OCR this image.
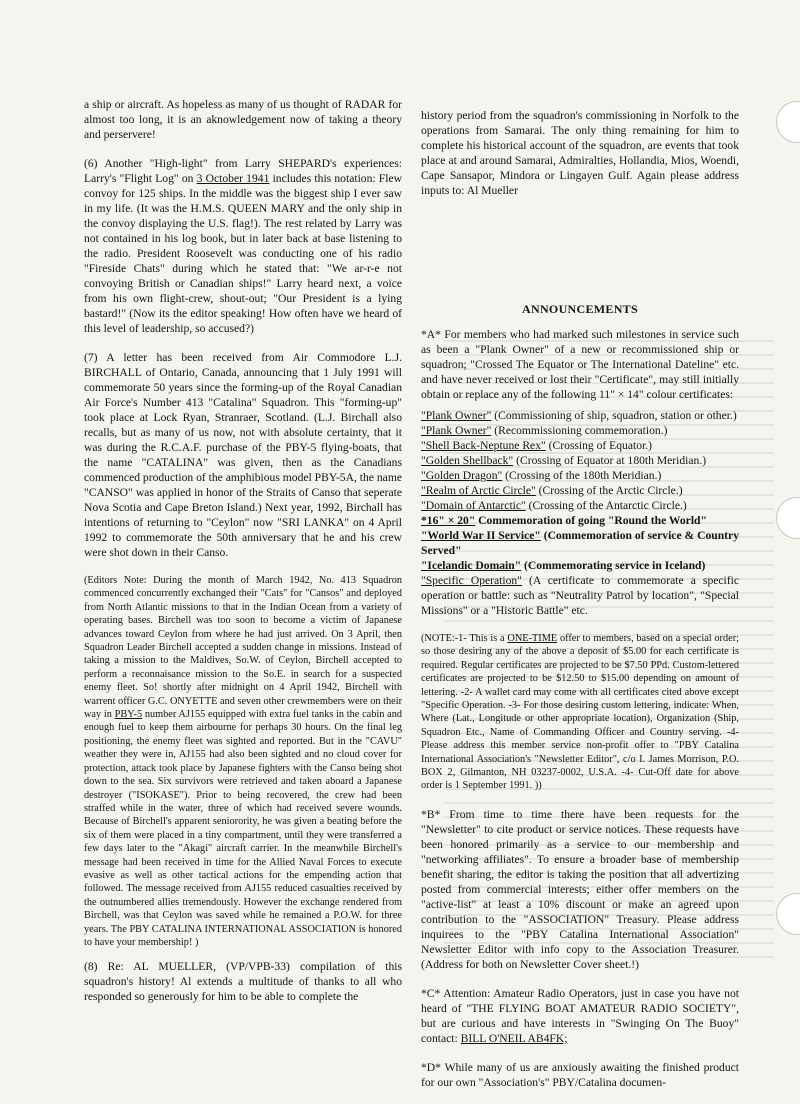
a ship or aircraft. As hopeless as many of us thought of RADAR for almost too long, it is an aknowledgement now of taking a theory and perservere!

(6) Another "High-light" from Larry SHEPARD's experiences: Larry's "Flight Log" on 3 October 1941 includes this notation: Flew convoy for 125 ships. In the middle was the biggest ship I ever saw in my life. (It was the H.M.S. QUEEN MARY and the only ship in the convoy displaying the U.S. flag!). The rest related by Larry was not contained in his log book, but in later back at base listening to the radio. President Roosevelt was conducting one of his radio "Fireside Chats" during which he stated that: "We ar-r-e not convoying British or Canadian ships!" Larry heard next, a voice from his own flight-crew, shout-out; "Our President is a lying bastard!" (Now its the editor speaking! How often have we heard of this level of leadership, so accused?)

(7) A letter has been received from Air Commodore L.J. BIRCHALL of Ontario, Canada, announcing that 1 July 1991 will commemorate 50 years since the forming-up of the Royal Canadian Air Force's Number 413 "Catalina" Squadron. This "forming-up" took place at Lock Ryan, Stranraer, Scotland. (L.J. Birchall also recalls, but as many of us now, not with absolute certainty, that it was during the R.C.A.F. purchase of the PBY-5 flying-boats, that the name "CATALINA" was given, then as the Canadians commenced production of the amphibious model PBY-5A, the name "CANSO" was applied in honor of the Straits of Canso that seperate Nova Scotia and Cape Breton Island.) Next year, 1992, Birchall has intentions of returning to "Ceylon" now "SRI LANKA" on 4 April 1992 to commemorate the 50th anniversary that he and his crew were shot down in their Canso.

(Editors Note: During the month of March 1942, No. 413 Squadron commenced concurrently exchanged their "Cats" for "Cansos" and deployed from North Atlantic missions to that in the Indian Ocean from a variety of operating bases. Birchell was too soon to become a victim of Japanese advances toward Ceylon from where he had just arrived. On 3 April, then Squadron Leader Birchell accepted a sudden change in missions. Instead of taking a mission to the Maldives, So.W. of Ceylon, Birchell accepted to perform a reconnaisance mission to the So.E. in search for a suspected enemy fleet. So! shortly after midnight on 4 April 1942, Birchell with warrent officer G.C. ONYETTE and seven other crewmembers were on their way in PBY-5 number AJ155 equipped with extra fuel tanks in the cabin and enough fuel to keep them airbourne for perhaps 30 hours. On the final leg positioning, the enemy fleet was sighted and reported. But in the "CAVU" weather they were in, AJ155 had also been sighted and no cloud cover for protection, attack took place by Japanese fighters with the Canso being shot down to the sea. Six survivors were retrieved and taken aboard a Japanese destroyer ("ISOKASE"). Prior to being recovered, the crew had been straffed while in the water, three of which had received severe wounds. Because of Birchell's apparent seniorority, he was given a beating before the six of them were placed in a tiny compartment, until they were transferred a few days later to the "Akagi" aircraft carrier. In the meanwhile Birchell's message had been received in time for the Allied Naval Forces to execute evasive as well as other tactical actions for the empending action that followed. The message received from AJ155 reduced casualties received by the outnumbered allies tremendously. However the exchange rendered from Birchell, was that Ceylon was saved while he remained a P.O.W. for three years. The PBY CATALINA INTERNATIONAL ASSOCIATION is honored to have your membership! )

(8) Re: AL MUELLER, (VP/VPB-33) compilation of this squadron's history! Al extends a multitude of thanks to all who responded so generously for him to be able to complete the

history period from the squadron's commissioning in Norfolk to the operations from Samarai. The only thing remaining for him to complete his historical account of the squadron, are events that took place at and around Samarai, Admiralties, Hollandia, Mios, Woendi, Cape Sansapor, Mindora or Lingayen Gulf. Again please address inputs to: Al Mueller

ANNOUNCEMENTS

*A* For members who had marked such milestones in service such as been a "Plank Owner" of a new or recommissioned ship or squadron; "Crossed The Equator or The International Dateline" etc. and have never received or lost their "Certificate", may still initially obtain or replace any of the following 11" × 14" colour certificates:

"Plank Owner" (Commissioning of ship, squadron, station or other.)
"Plank Owner" (Recommissioning commemoration.)
"Shell Back-Neptune Rex" (Crossing of Equator.)
"Golden Shellback" (Crossing of Equator at 180th Meridian.)
"Golden Dragon" (Crossing of the 180th Meridian.)
"Realm of Arctic Circle" (Crossing of the Arctic Circle.)
"Domain of Antarctic" (Crossing of the Antarctic Circle.)
*16" × 20" Commemoration of going "Round the World"
"World War II Service" (Commemoration of service & Country Served"
"Icelandic Domain" (Commemorating service in Iceland)
"Specific Operation" (A certificate to commemorate a specific operation or battle: such as "Neutrality Patrol by location", "Special Missions" or a "Historic Battle" etc.

(NOTE:-1- This is a ONE-TIME offer to members, based on a special order; so those desiring any of the above a deposit of $5.00 for each certificate is required. Regular certificates are projected to be $7.50 PPd. Custom-lettered certificates are projected to be $12.50 to $15.00 depending on amount of lettering. -2- A wallet card may come with all certificates cited above except "Specific Operation. -3- For those desiring custom lettering, indicate: When, Where (Lat., Longitude or other appropriate location), Organization (Ship, Squadron Etc., Name of Commanding Officer and Country serving. -4- Please address this member service non-profit offer to "PBY Catalina International Association's "Newsletter Editor", c/o I. James Morrison, P.O. BOX 2, Gilmanton, NH 03237-0002, U.S.A. -4- Cut-Off date for above order is 1 September 1991. ))

*B* From time to time there have been requests for the "Newsletter" to cite product or service notices. These requests have been honored primarily as a service to our membership and "networking affiliates". To ensure a broader base of membership benefit sharing, the editor is taking the position that all advertizing posted from commercial interests; either offer members on the "active-list" at least a 10% discount or make an agreed upon contribution to the "ASSOCIATION" Treasury. Please address inquirees to the "PBY Catalina International Association" Newsletter Editor with info copy to the Association Treasurer. (Address for both on Newsletter Cover sheet.!)

*C* Attention: Amateur Radio Operators, just in case you have not heard of "THE FLYING BOAT AMATEUR RADIO SOCIETY", but are curious and have interests in "Swinging On The Buoy" contact: BILL O'NEIL AB4FK;

*D* While many of us are anxiously awaiting the finished product for our own "Association's" PBY/Catalina documen-
